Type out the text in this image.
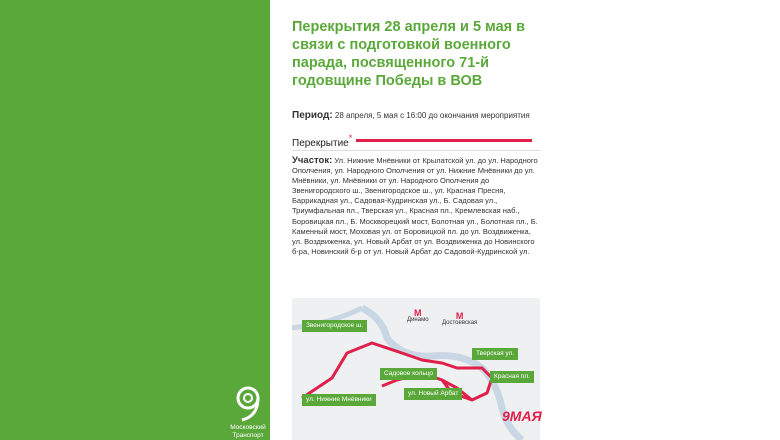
Московский Транспорт
Перекрытия 28 апреля и 5 мая в связи с подготовкой военного парада, посвященного 71-й годовщине Победы в ВОВ
Период: 28 апреля, 5 мая с 16:00 до окончания мероприятия
Перекрытие*
Участок: Ул. Нижние Мнёвники от Крылатской ул. до ул. Народного Ополчения, ул. Народного Ополчения от ул. Нижние Мнёвники до ул. Мнёвники, ул. Мнёвники от ул. Народного Ополчения до Звенигородского ш., Звенигородское ш., ул. Красная Пресня, Баррикадная ул., Садовая-Кудринская ул., Б. Садовая ул., Триумфальная пл., Тверская ул., Красная пл., Кремлевская наб., Боровицкая пл., Б. Москворецкий мост, Болотная ул., Болотная пл., Б. Каменный мост, Моховая ул. от Боровицкой пл. до ул. Воздвиженка, ул. Воздвиженка, ул. Новый Арбат от ул. Воздвиженка до Новинского б-ра, Новинский б-р от ул. Новый Арбат до Садовой-Кудринской ул.
Звенигородское ш.
Тверская ул.
Садовое кольцо	Красная пл.
ул. Новый Арбат
ул. Нижние Мнёвники
М
Динамо	М
Достоевская
9МАЯ
